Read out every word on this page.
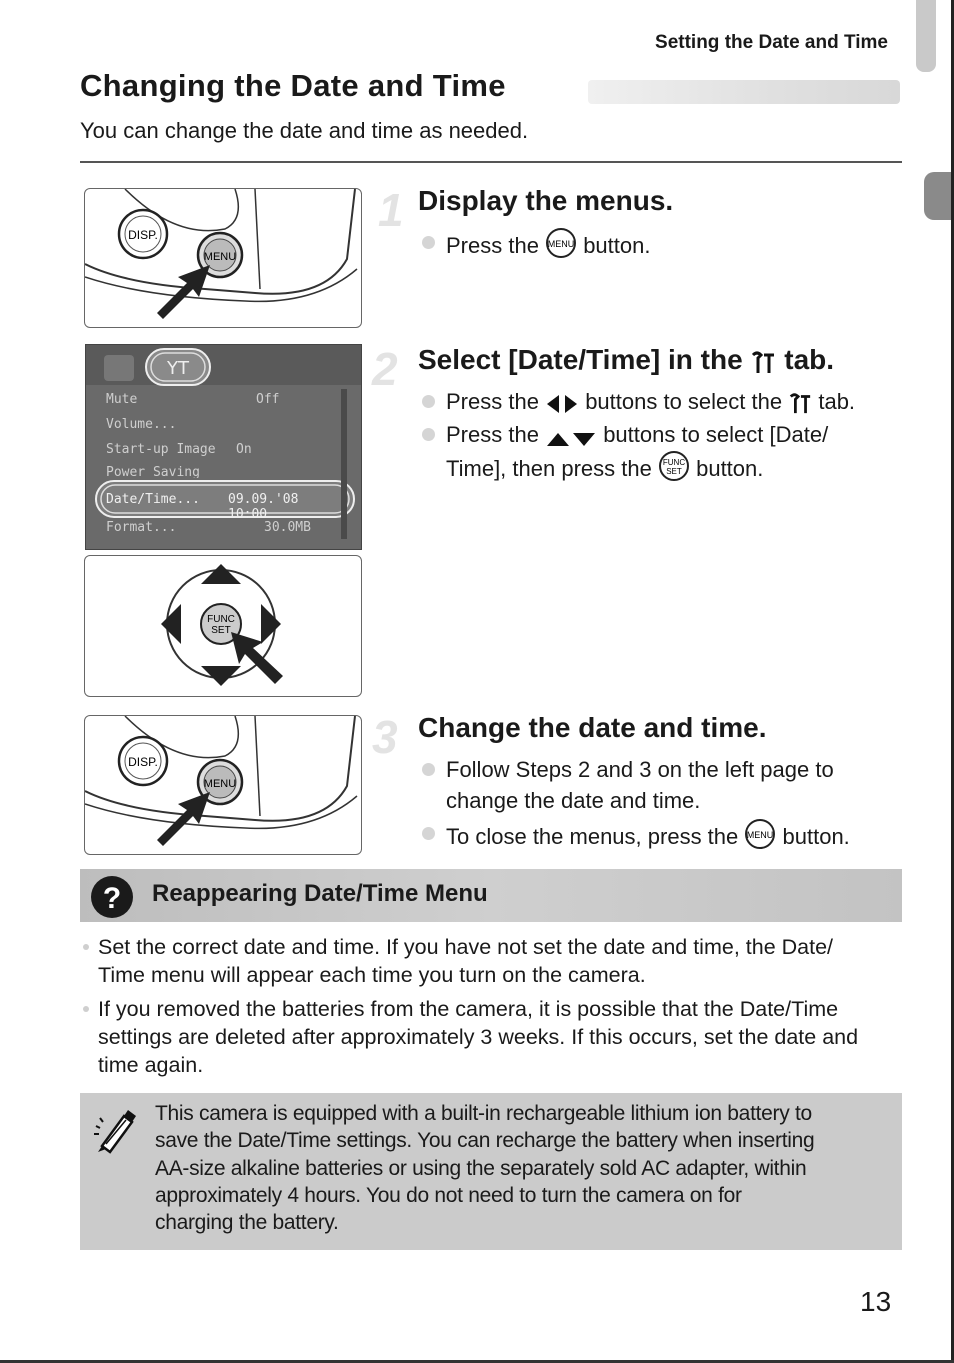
Setting the Date and Time
Changing the Date and Time
You can change the date and time as needed.
DISP.
MENU
1 Display the menus.
Press the MENU button.
YT
Mute	Off
Volume...
Start-up Image On
Power Saving
Date/Time... 09.09.'08 10:00
Format...	30.0MB
FUNC
SET
2 Select [Date/Time] in the tab.
Press the buttons to select the tab.
Press the	buttons to select [Date/
Time], then press the FUNC
SET button.
DISP.
MENU
3 Change the date and time.
Follow Steps 2 and 3 on the left page to
change the date and time.
To close the menus, press the MENU button.
? Reappearing Date/Time Menu
Set the correct date and time. If you have not set the date and time, the Date/
Time menu will appear each time you turn on the camera.
If you removed the batteries from the camera, it is possible that the Date/Time
settings are deleted after approximately 3 weeks. If this occurs, set the date and
time again.
This camera is equipped with a built-in rechargeable lithium ion battery to
save the Date/Time settings. You can recharge the battery when inserting
AA-size alkaline batteries or using the separately sold AC adapter, within
approximately 4 hours. You do not need to turn the camera on for
charging the battery.
13
